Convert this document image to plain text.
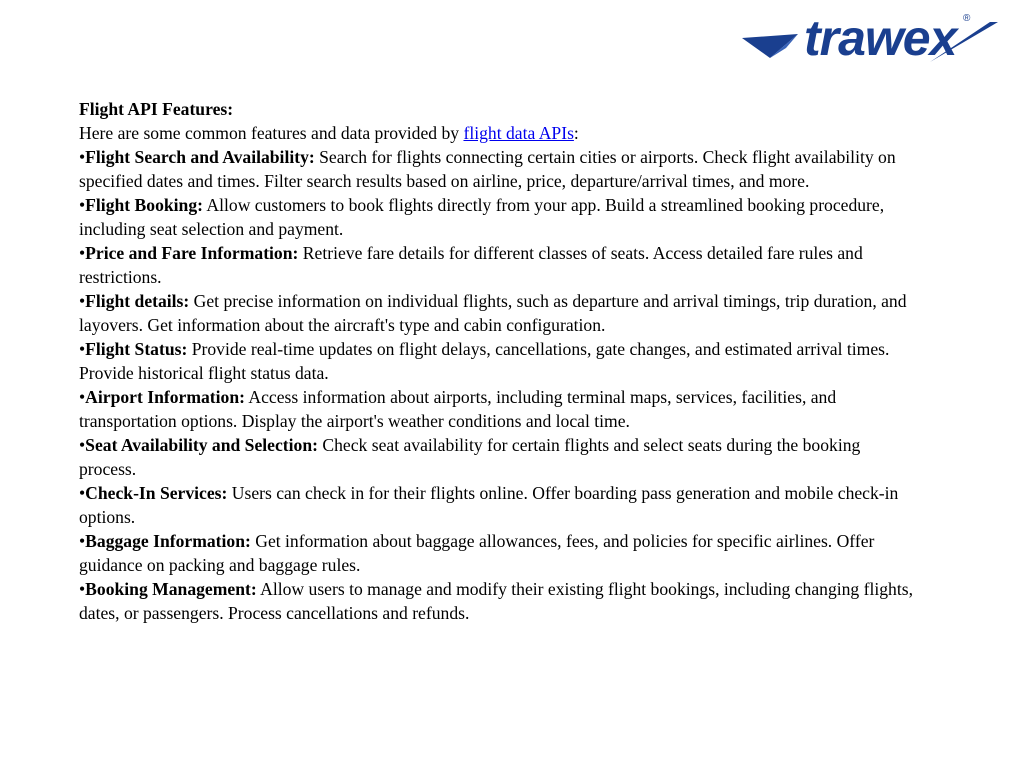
trawex ®

Flight API Features:

Here are some common features and data provided by flight data APIs:

•Flight Search and Availability: Search for flights connecting certain cities or airports. Check flight availability on specified dates and times. Filter search results based on airline, price, departure/arrival times, and more.

•Flight Booking: Allow customers to book flights directly from your app. Build a streamlined booking procedure, including seat selection and payment.

•Price and Fare Information: Retrieve fare details for different classes of seats. Access detailed fare rules and restrictions.

•Flight details: Get precise information on individual flights, such as departure and arrival timings, trip duration, and layovers. Get information about the aircraft's type and cabin configuration.

•Flight Status: Provide real-time updates on flight delays, cancellations, gate changes, and estimated arrival times. Provide historical flight status data.

•Airport Information: Access information about airports, including terminal maps, services, facilities, and transportation options. Display the airport's weather conditions and local time.

•Seat Availability and Selection: Check seat availability for certain flights and select seats during the booking process.

•Check-In Services: Users can check in for their flights online. Offer boarding pass generation and mobile check-in options.

•Baggage Information: Get information about baggage allowances, fees, and policies for specific airlines. Offer guidance on packing and baggage rules.

•Booking Management: Allow users to manage and modify their existing flight bookings, including changing flights, dates, or passengers. Process cancellations and refunds.
